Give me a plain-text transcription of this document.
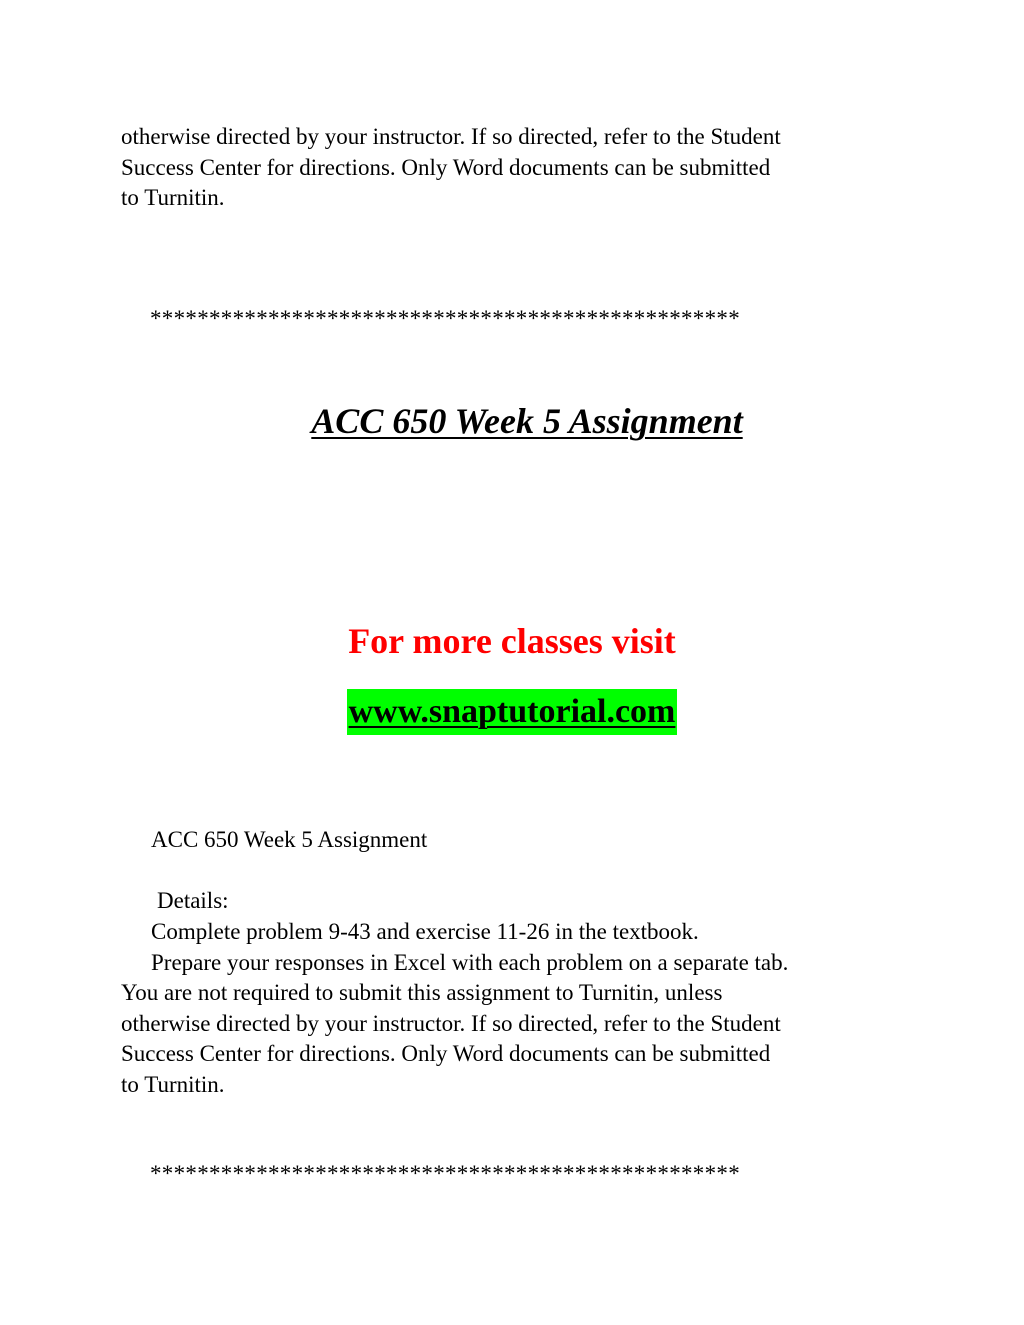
otherwise directed by your instructor. If so directed, refer to the Student
Success Center for directions. Only Word documents can be submitted
to Turnitin.
**************************************************
ACC 650 Week 5 Assignment
For more classes visit
www.snaptutorial.com
ACC 650 Week 5 Assignment
Details:
Complete problem 9-43 and exercise 11-26 in the textbook.
Prepare your responses in Excel with each problem on a separate tab.
You are not required to submit this assignment to Turnitin, unless
otherwise directed by your instructor. If so directed, refer to the Student
Success Center for directions. Only Word documents can be submitted
to Turnitin.
**************************************************
